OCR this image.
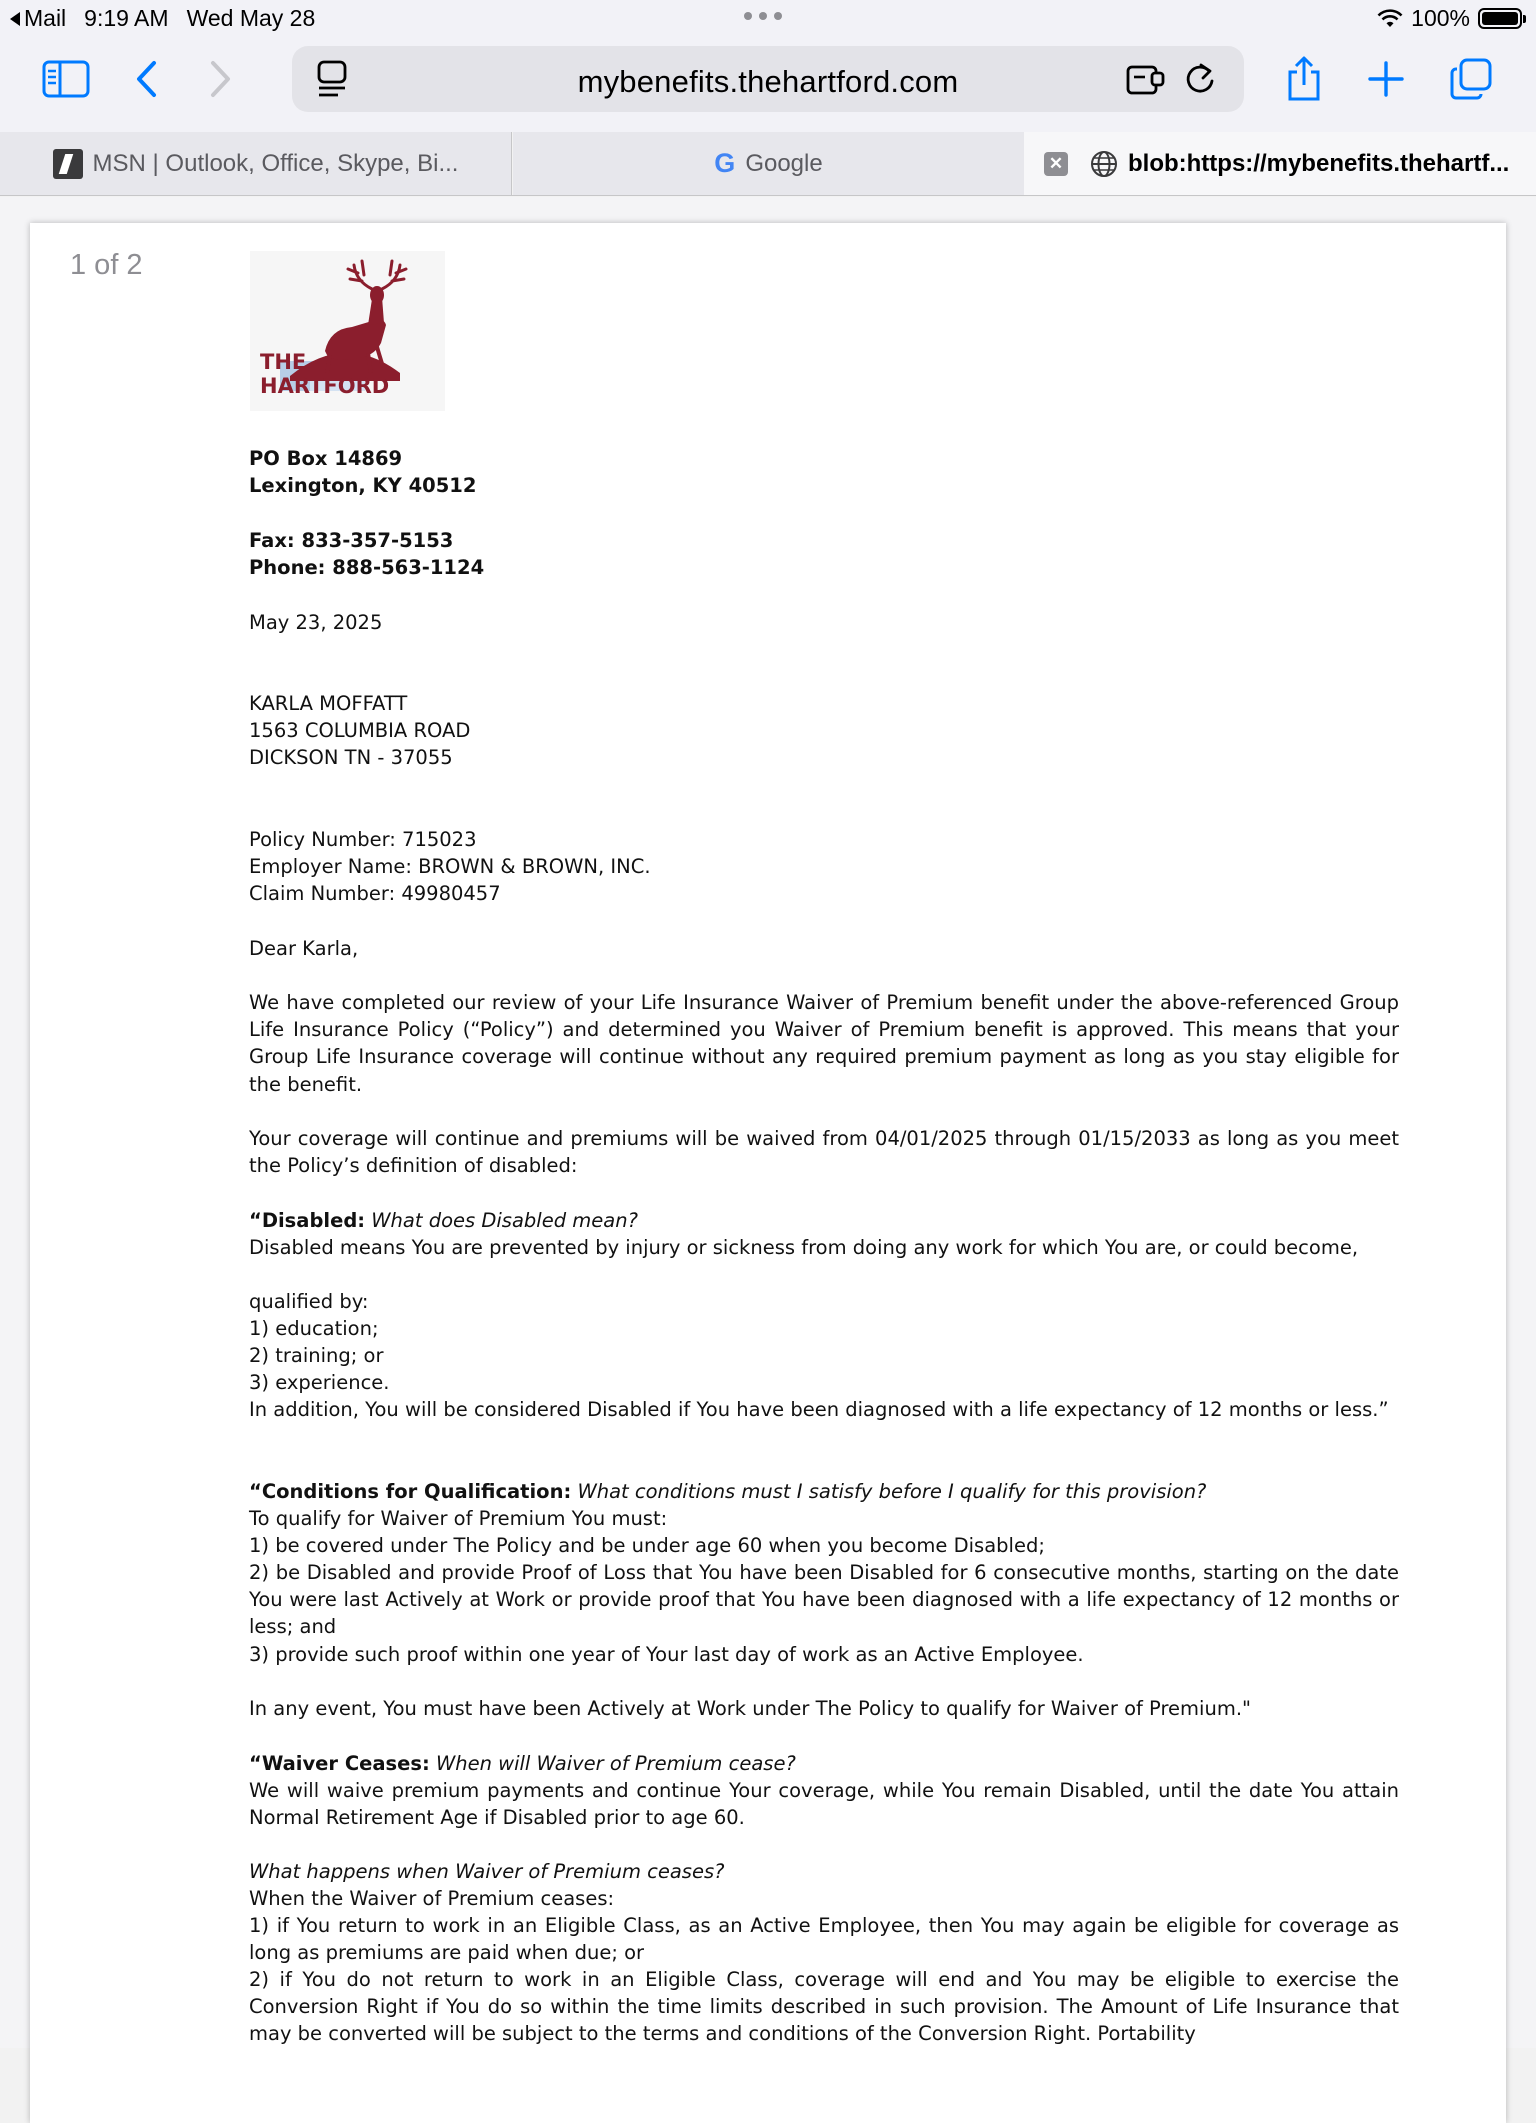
Mail 9:19 AM Wed May 28	100%
mybenefits.thehartford.com
MSN | Outlook, Office, Skype, Bi...	G Google	✕	blob:https://mybenefits.thehartf...
1 of 2
THE
HARTFORD
PO Box 14869
Lexington, KY 40512
Fax: 833-357-5153
Phone: 888-563-1124
May 23, 2025
KARLA MOFFATT
1563 COLUMBIA ROAD
DICKSON TN - 37055
Policy Number: 715023
Employer Name: BROWN & BROWN, INC.
Claim Number: 49980457
Dear Karla,
We have completed our review of your Life Insurance Waiver of Premium benefit under the above-referenced Group Life Insurance Policy (“Policy”) and determined you Waiver of Premium benefit is approved. This means that your Group Life Insurance coverage will continue without any required premium payment as long as you stay eligible for the benefit.
Your coverage will continue and premiums will be waived from 04/01/2025 through 01/15/2033 as long as you meet the Policy’s definition of disabled:
“Disabled: What does Disabled mean?
Disabled means You are prevented by injury or sickness from doing any work for which You are, or could become,
qualified by:
1) education;
2) training; or
3) experience.
In addition, You will be considered Disabled if You have been diagnosed with a life expectancy of 12 months or less.”
“Conditions for Qualification: What conditions must I satisfy before I qualify for this provision?
To qualify for Waiver of Premium You must:
1) be covered under The Policy and be under age 60 when you become Disabled;
2) be Disabled and provide Proof of Loss that You have been Disabled for 6 consecutive months, starting on the date You were last Actively at Work or provide proof that You have been diagnosed with a life expectancy of 12 months or less; and
3) provide such proof within one year of Your last day of work as an Active Employee.
In any event, You must have been Actively at Work under The Policy to qualify for Waiver of Premium."
“Waiver Ceases: When will Waiver of Premium cease?
We will waive premium payments and continue Your coverage, while You remain Disabled, until the date You attain Normal Retirement Age if Disabled prior to age 60.
What happens when Waiver of Premium ceases?
When the Waiver of Premium ceases:
1) if You return to work in an Eligible Class, as an Active Employee, then You may again be eligible for coverage as long as premiums are paid when due; or
2) if You do not return to work in an Eligible Class, coverage will end and You may be eligible to exercise the Conversion Right if You do so within the time limits described in such provision. The Amount of Life Insurance that may be converted will be subject to the terms and conditions of the Conversion Right. Portability
